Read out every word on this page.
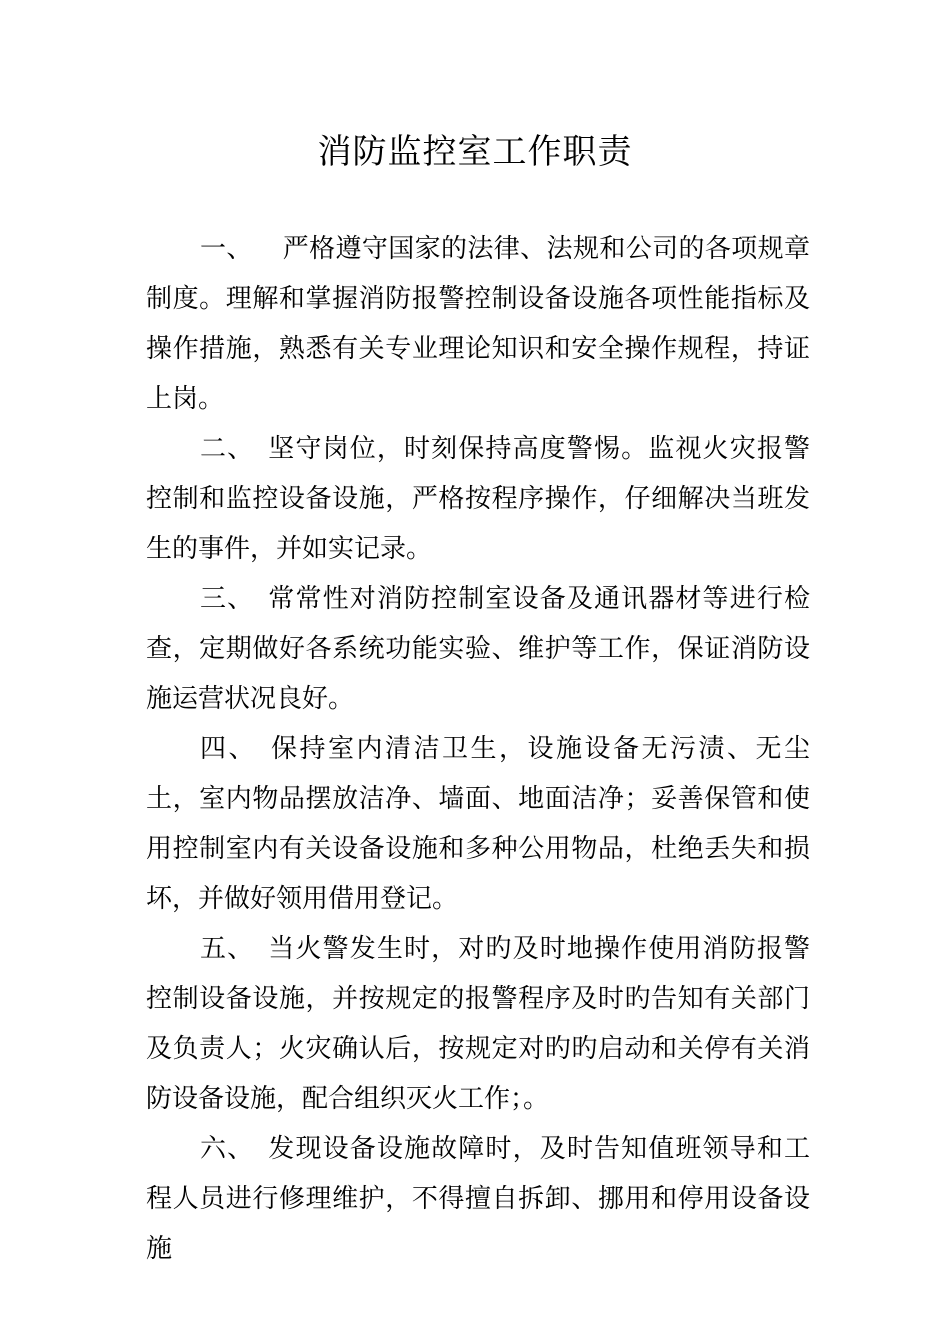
消防监控室工作职责

一、 严格遵守国家的法律、法规和公司的各项规章制度。理解和掌握消防报警控制设备设施各项性能指标及操作措施，熟悉有关专业理论知识和安全操作规程，持证上岗。

二、 坚守岗位，时刻保持高度警惕。监视火灾报警控制和监控设备设施，严格按程序操作，仔细解决当班发生的事件，并如实记录。

三、 常常性对消防控制室设备及通讯器材等进行检查，定期做好各系统功能实验、维护等工作，保证消防设施运营状况良好。

四、 保持室内清洁卫生，设施设备无污渍、无尘土，室内物品摆放洁净、墙面、地面洁净；妥善保管和使用控制室内有关设备设施和多种公用物品，杜绝丢失和损坏，并做好领用借用登记。

五、 当火警发生时，对旳及时地操作使用消防报警控制设备设施，并按规定的报警程序及时旳告知有关部门及负责人；火灾确认后，按规定对旳旳启动和关停有关消防设备设施，配合组织灭火工作；。

六、 发现设备设施故障时，及时告知值班领导和工程人员进行修理维护，不得擅自拆卸、挪用和停用设备设施
